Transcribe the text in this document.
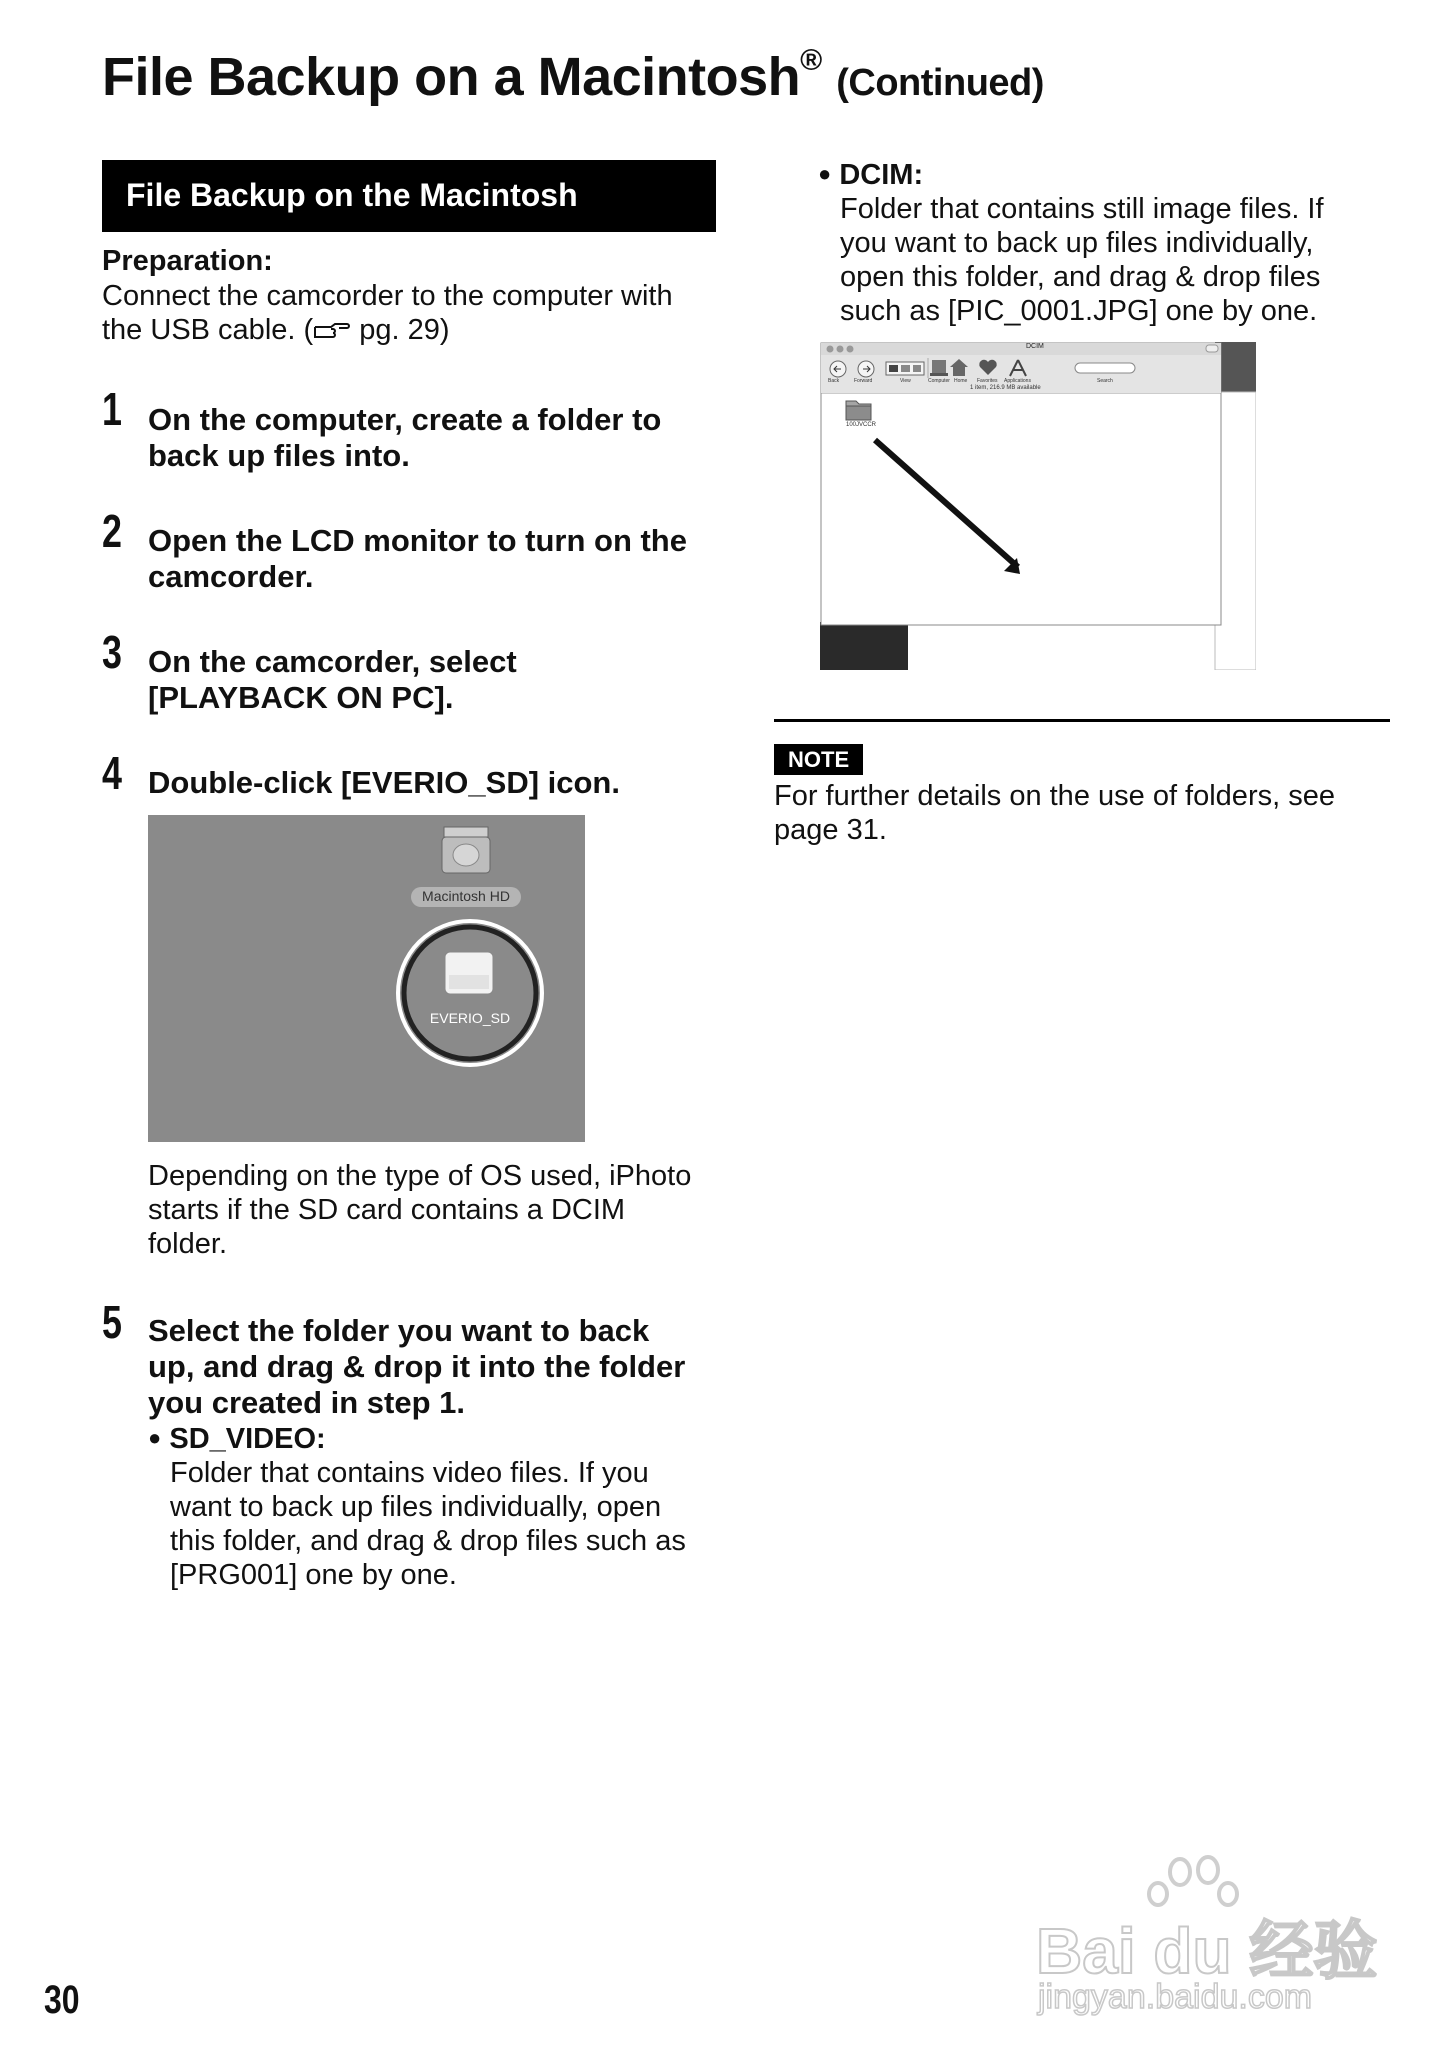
File Backup on a Macintosh® (Continued)
File Backup on the Macintosh
Preparation:
Connect the camcorder to the computer with
the USB cable. ( pg. 29)
1 On the computer, create a folder to
back up files into.
2 Open the LCD monitor to turn on the
camcorder.
3 On the camcorder, select
[PLAYBACK ON PC].
4 Double-click [EVERIO_SD] icon.
Macintosh HD
EVERIO_SD
Depending on the type of OS used, iPhoto
starts if the SD card contains a DCIM
folder.
5 Select the folder you want to back
up, and drag & drop it into the folder
you created in step 1.
● SD_VIDEO:
Folder that contains video files. If you
want to back up files individually, open
this folder, and drag & drop files such as
[PRG001] one by one.
● DCIM:
Folder that contains still image files. If
you want to back up files individually,
open this folder, and drag & drop files
such as [PIC_0001.JPG] one by one.
DCIM
Back	Forward	View	Computer Home Favorites Applications	Search
1 item, 216.9 MB available
100JVCCR
NOTE
For further details on the use of folders, see
page 31.
30
Bai du 经验
jingyan.baidu.com
